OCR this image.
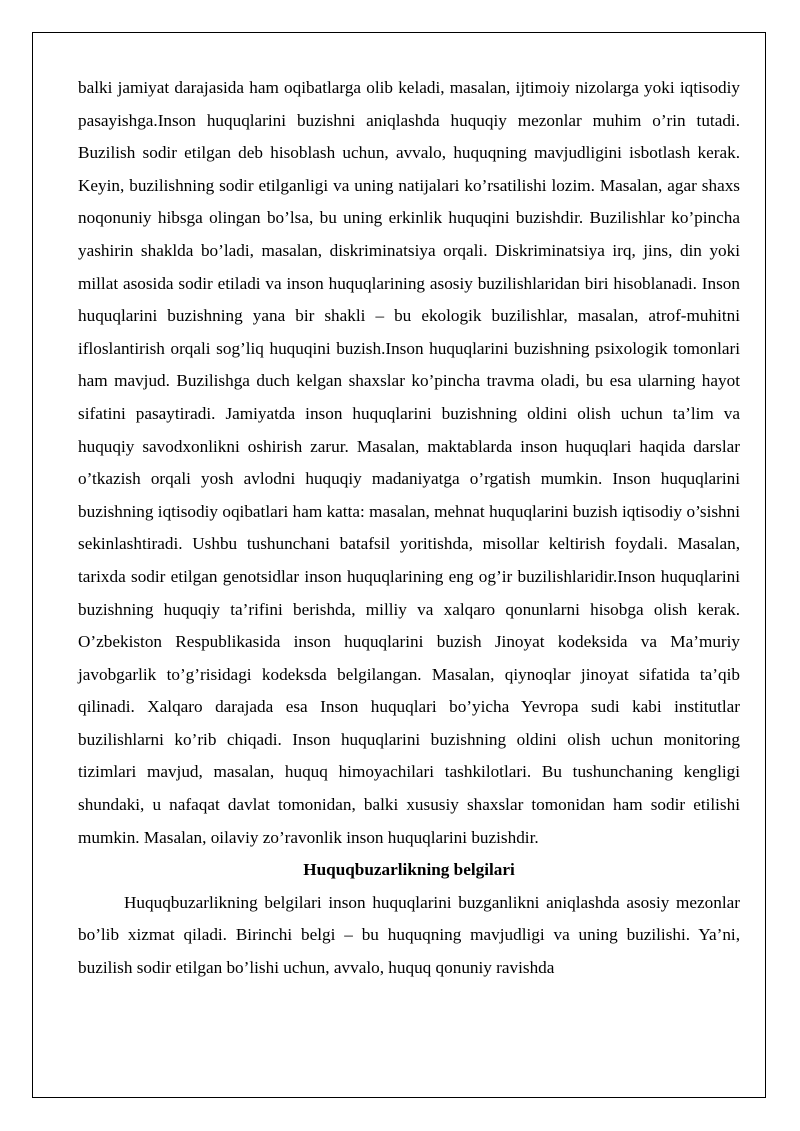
balki jamiyat darajasida ham oqibatlarga olib keladi, masalan, ijtimoiy nizolarga yoki iqtisodiy pasayishga.Inson huquqlarini buzishni aniqlashda huquqiy mezonlar muhim o’rin tutadi. Buzilish sodir etilgan deb hisoblash uchun, avvalo, huquqning mavjudligini isbotlash kerak. Keyin, buzilishning sodir etilganligi va uning natijalari ko’rsatilishi lozim. Masalan, agar shaxs noqonuniy hibsga olingan bo’lsa, bu uning erkinlik huquqini buzishdir. Buzilishlar ko’pincha yashirin shaklda bo’ladi, masalan, diskriminatsiya orqali. Diskriminatsiya irq, jins, din yoki millat asosida sodir etiladi va inson huquqlarining asosiy buzilishlaridan biri hisoblanadi. Inson huquqlarini buzishning yana bir shakli – bu ekologik buzilishlar, masalan, atrof-muhitni ifloslantirish orqali sog’liq huquqini buzish.Inson huquqlarini buzishning psixologik tomonlari ham mavjud. Buzilishga duch kelgan shaxslar ko’pincha travma oladi, bu esa ularning hayot sifatini pasaytiradi. Jamiyatda inson huquqlarini buzishning oldini olish uchun ta’lim va huquqiy savodxonlikni oshirish zarur. Masalan, maktablarda inson huquqlari haqida darslar o’tkazish orqali yosh avlodni huquqiy madaniyatga o’rgatish mumkin. Inson huquqlarini buzishning iqtisodiy oqibatlari ham katta: masalan, mehnat huquqlarini buzish iqtisodiy o’sishni sekinlashtiradi. Ushbu tushunchani batafsil yoritishda, misollar keltirish foydali. Masalan, tarixda sodir etilgan genotsidlar inson huquqlarining eng og’ir buzilishlaridir.Inson huquqlarini buzishning huquqiy ta’rifini berishda, milliy va xalqaro qonunlarni hisobga olish kerak. O’zbekiston Respublikasida inson huquqlarini buzish Jinoyat kodeksida va Ma’muriy javobgarlik to’g’risidagi kodeksda belgilangan. Masalan, qiynoqlar jinoyat sifatida ta’qib qilinadi. Xalqaro darajada esa Inson huquqlari bo’yicha Yevropa sudi kabi institutlar buzilishlarni ko’rib chiqadi. Inson huquqlarini buzishning oldini olish uchun monitoring tizimlari mavjud, masalan, huquq himoyachilari tashkilotlari. Bu tushunchaning kengligi shundaki, u nafaqat davlat tomonidan, balki xususiy shaxslar tomonidan ham sodir etilishi mumkin. Masalan, oilaviy zo’ravonlik inson huquqlarini buzishdir.

Huquqbuzarlikning belgilari

Huquqbuzarlikning belgilari inson huquqlarini buzganlikni aniqlashda asosiy mezonlar bo’lib xizmat qiladi. Birinchi belgi – bu huquqning mavjudligi va uning buzilishi. Ya’ni, buzilish sodir etilgan bo’lishi uchun, avvalo, huquq qonuniy ravishda
